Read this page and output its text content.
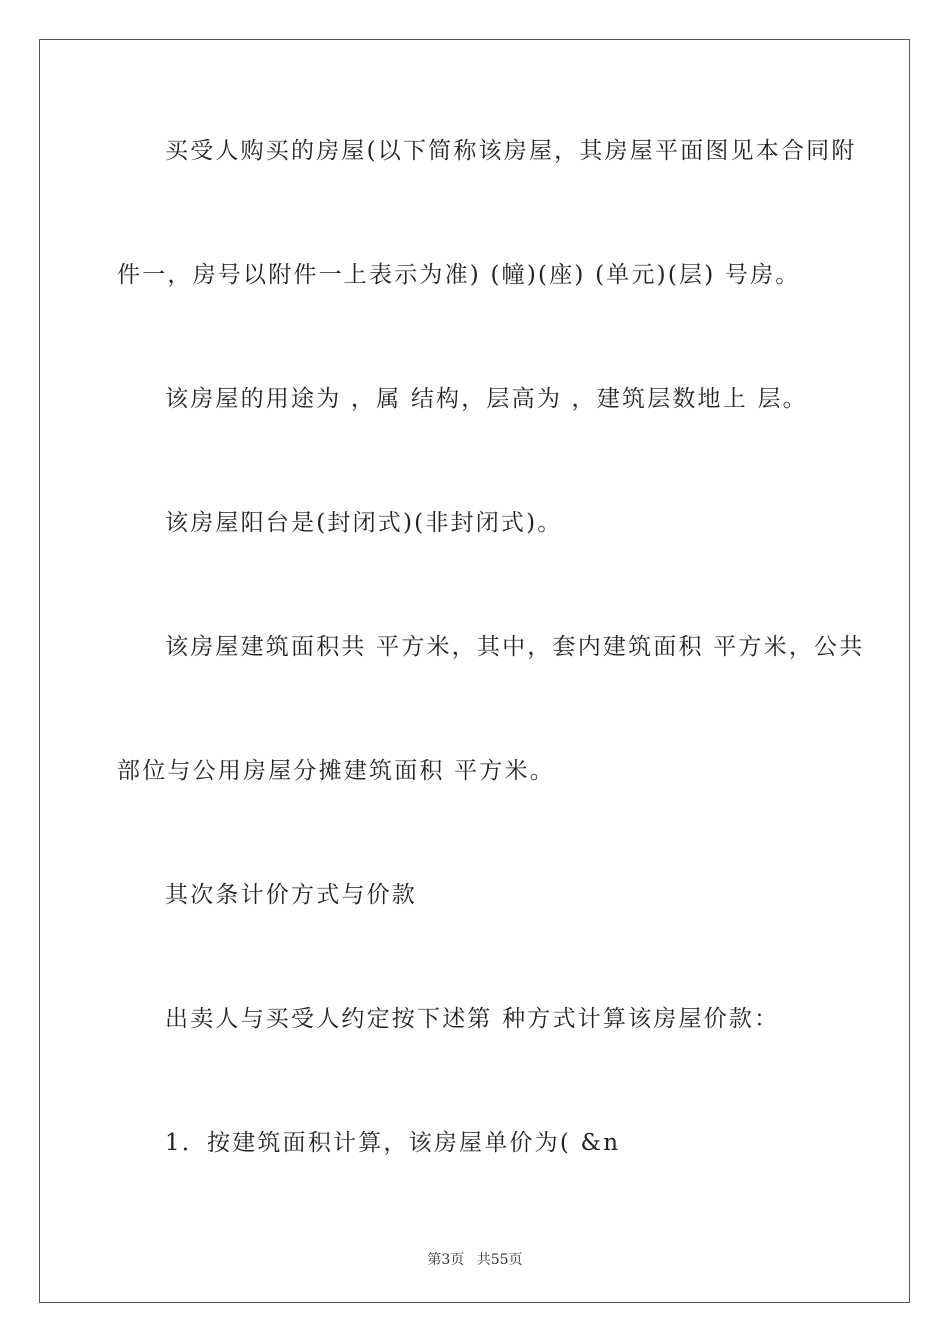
买受人购买的房屋(以下简称该房屋，其房屋平面图见本合同附
件一，房号以附件一上表示为准) (幢)(座) (单元)(层) 号房。
该房屋的用途为 ，属 结构，层高为 ，建筑层数地上 层。
该房屋阳台是(封闭式)(非封闭式)。
该房屋建筑面积共 平方米，其中，套内建筑面积 平方米，公共
部位与公用房屋分摊建筑面积 平方米。
其次条计价方式与价款
出卖人与买受人约定按下述第 种方式计算该房屋价款：
1．按建筑面积计算，该房屋单价为( &n
第3页 共55页
